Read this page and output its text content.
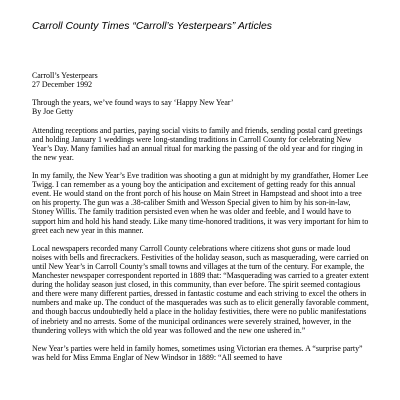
Carroll County Times “Carroll’s Yesterpears” Articles

Carroll’s Yesterpears
27 December 1992

Through the years, we’ve found ways to say ‘Happy New Year’
By Joe Getty

Attending receptions and parties, paying social visits to family and friends, sending postal card greetings and holding January 1 weddings were long-standing traditions in Carroll County for celebrating New Year’s Day. Many families had an annual ritual for marking the passing of the old year and for ringing in the new year.

In my family, the New Year’s Eve tradition was shooting a gun at midnight by my grandfather, Homer Lee Twigg. I can remember as a young boy the anticipation and excitement of getting ready for this annual event. He would stand on the front porch of his house on Main Street in Hampstead and shoot into a tree on his property. The gun was a .38-caliber Smith and Wesson Special given to him by his son-in-law, Stoney Willis. The family tradition persisted even when he was older and feeble, and I would have to support him and hold his hand steady. Like many time-honored traditions, it was very important for him to greet each new year in this manner.

Local newspapers recorded many Carroll County celebrations where citizens shot guns or made loud noises with bells and firecrackers. Festivities of the holiday season, such as masquerading, were carried on until New Year’s in Carroll County’s small towns and villages at the turn of the century. For example, the Manchester newspaper correspondent reported in 1889 that: “Masquerading was carried to a greater extent during the holiday season just closed, in this community, than ever before. The spirit seemed contagious and there were many different parties, dressed in fantastic costume and each striving to excel the others in numbers and make up. The conduct of the masquerades was such as to elicit generally favorable comment, and though baccus undoubtedly held a place in the holiday festivities, there were no public manifestations of inebriety and no arrests. Some of the municipal ordinances were severely strained, however, in the thundering volleys with which the old year was followed and the new one ushered in.”

New Year’s parties were held in family homes, sometimes using Victorian era themes. A “surprise party” was held for Miss Emma Englar of New Windsor in 1889: “All seemed to have
